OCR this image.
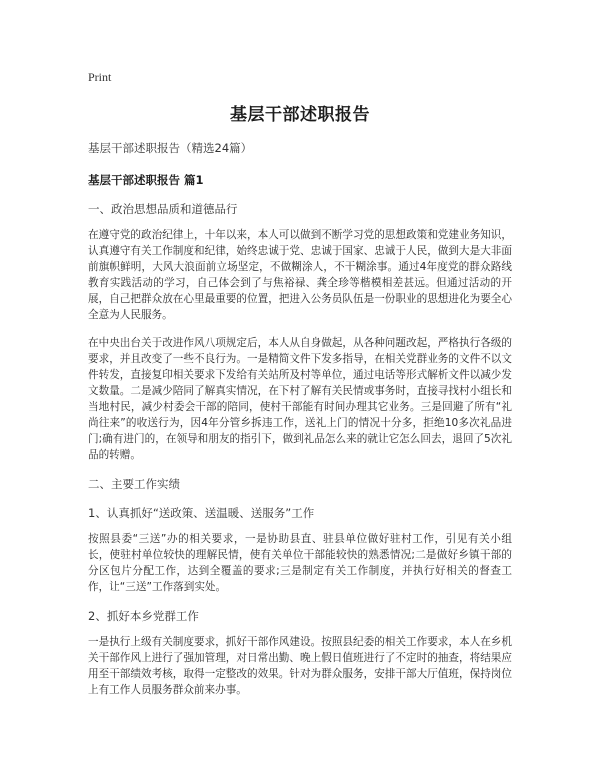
Print
基层干部述职报告
基层干部述职报告（精选24篇）
基层干部述职报告 篇1
一、政治思想品质和道德品行

在遵守党的政治纪律上，十年以来，本人可以做到不断学习党的思想政策和党建业务知识，认真遵守有关工作制度和纪律，始终忠诚于党、忠诚于国家、忠诚于人民，做到大是大非面前旗帜鲜明，大风大浪面前立场坚定，不做糊涂人，不干糊涂事。通过4年度党的群众路线教育实践活动的学习，自己体会到了与焦裕禄、龚全珍等楷模相差甚远。但通过活动的开展，自己把群众放在心里最重要的位置，把进入公务员队伍是一份职业的思想进化为要全心全意为人民服务。

在中央出台关于改进作风八项规定后，本人从自身做起，从各种问题改起，严格执行各级的要求，并且改变了一些不良行为。一是精简文件下发多指导，在相关党群业务的文件不以文件转发，直接复印相关要求下发给有关站所及村等单位，通过电话等形式解析文件以减少发文数量。二是减少陪同了解真实情况，在下村了解有关民情或事务时，直接寻找村小组长和当地村民，减少村委会干部的陪同，使村干部能有时间办理其它业务。三是回避了所有“礼尚往来”的收送行为，因4年分管乡拆违工作，送礼上门的情况十分多，拒绝10多次礼品进门;确有进门的，在领导和朋友的指引下，做到礼品怎么来的就让它怎么回去，退回了5次礼品的转赠。

二、主要工作实绩
1、认真抓好“送政策、送温暖、送服务”工作

按照县委“三送”办的相关要求，一是协助县直、驻县单位做好驻村工作，引见有关小组长，使驻村单位较快的理解民情，使有关单位干部能较快的熟悉情况;二是做好乡镇干部的分区包片分配工作，达到全覆盖的要求;三是制定有关工作制度，并执行好相关的督查工作，让“三送”工作落到实处。

2、抓好本乡党群工作

一是执行上级有关制度要求，抓好干部作风建设。按照县纪委的相关工作要求，本人在乡机关干部作风上进行了强加管理，对日常出勤、晚上假日值班进行了不定时的抽查，将结果应用至干部绩效考核，取得一定整改的效果。针对为群众服务，安排干部大厅值班，保持岗位上有工作人员服务群众前来办事。
